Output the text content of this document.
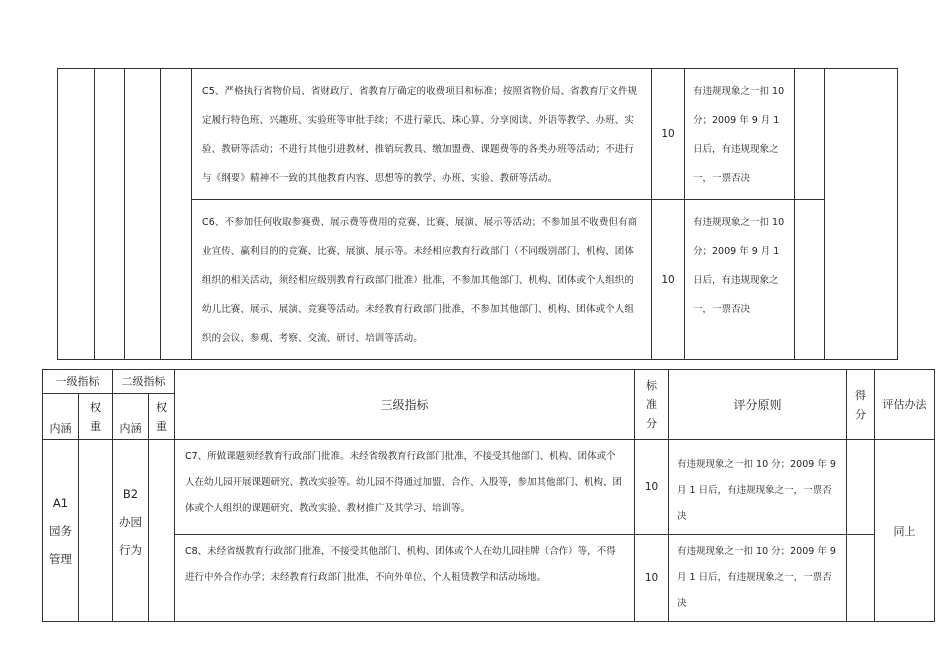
				C5、严格执行省物价局、省财政厅、省教育厅确定的收费项目和标准；按照省物价局、省教育厅文件规定履行特色班、兴趣班、实验班等审批手续；不进行蒙氏、珠心算、分享阅读、外语等教学、办班、实验、教研等活动；不进行其他引进教材、推销玩教具、缴加盟费、课题费等的各类办班等活动；不进行与《纲要》精神不一致的其他教育内容、思想等的教学、办班、实验、教研等活动。	10	有违规现象之一扣 10 分；2009 年 9 月 1 日后，有违规现象之一，一票否决		
				C6、不参加任何收取参赛费、展示费等费用的竞赛、比赛、展演、展示等活动；不参加虽不收费但有商业宣传、赢利目的的竞赛、比赛、展演、展示等。未经相应教育行政部门（不同级别部门、机构、团体组织的相关活动，须经相应级别教育行政部门批准）批准，不参加其他部门、机构、团体或个人组织的幼儿比赛、展示、展演、竞赛等活动。未经教育行政部门批准，不参加其他部门、机构、团体或个人组织的会议、参观、考察、交流、研讨、培训等活动。	10	有违规现象之一扣 10 分；2009 年 9 月 1 日后，有违规现象之一，一票否决		
一级指标		二级指标		三级指标	标准分	评分原则	得分	评估办法
内涵	权重	内涵	权重					
A1 园务管理		B2 办园行为		C7、所做课题须经教育行政部门批准。未经省级教育行政部门批准，不接受其他部门、机构、团体或个人在幼儿园开展课题研究、教改实验等。幼儿园不得通过加盟、合作、入股等，参加其他部门、机构、团体或个人组织的课题研究、教改实验、教材推广及其学习、培训等。	10	有违规现象之一扣 10 分；2009 年 9 月 1 日后，有违规现象之一，一票否决		同上
				C8、未经省级教育行政部门批准，不接受其他部门、机构、团体或个人在幼儿园挂牌（合作）等，不得进行中外合作办学；未经教育行政部门批准，不向外单位、个人租赁教学和活动场地。	10	有违规现象之一扣 10 分；2009 年 9 月 1 日后，有违规现象之一，一票否决		
